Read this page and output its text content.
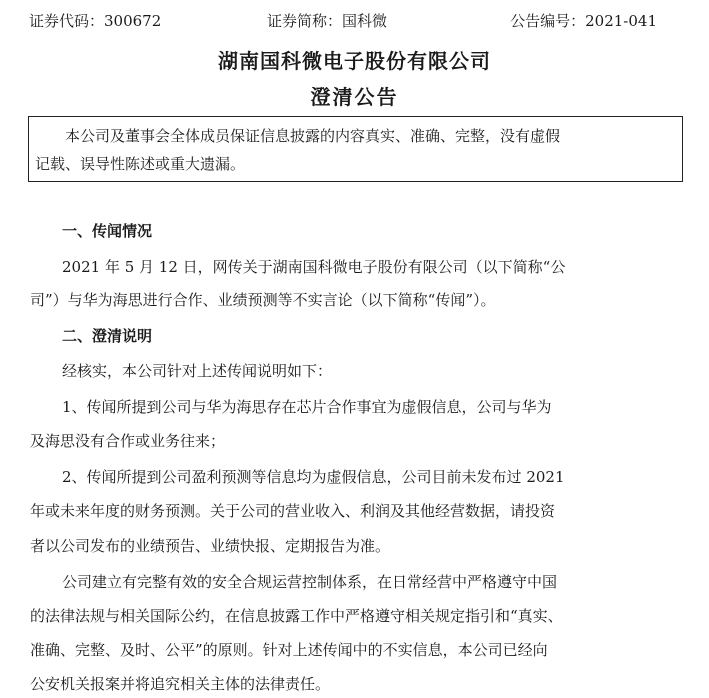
证券代码：300672	证券简称：国科微	公告编号：2021-041
湖南国科微电子股份有限公司
澄清公告

本公司及董事会全体成员保证信息披露的内容真实、准确、完整，没有虚假

记载、误导性陈述或重大遗漏。

一、传闻情况
2021 年 5 月 12 日，网传关于湖南国科微电子股份有限公司（以下简称“公
司”）与华为海思进行合作、业绩预测等不实言论（以下简称“传闻”）。
二、澄清说明
经核实，本公司针对上述传闻说明如下：
1、传闻所提到公司与华为海思存在芯片合作事宜为虚假信息，公司与华为
及海思没有合作或业务往来；
2、传闻所提到公司盈利预测等信息均为虚假信息，公司目前未发布过 2021
年或未来年度的财务预测。关于公司的营业收入、利润及其他经营数据，请投资
者以公司发布的业绩预告、业绩快报、定期报告为准。
公司建立有完整有效的安全合规运营控制体系，在日常经营中严格遵守中国
的法律法规与相关国际公约，在信息披露工作中严格遵守相关规定指引和“真实、
准确、完整、及时、公平”的原则。针对上述传闻中的不实信息，本公司已经向
公安机关报案并将追究相关主体的法律责任。
